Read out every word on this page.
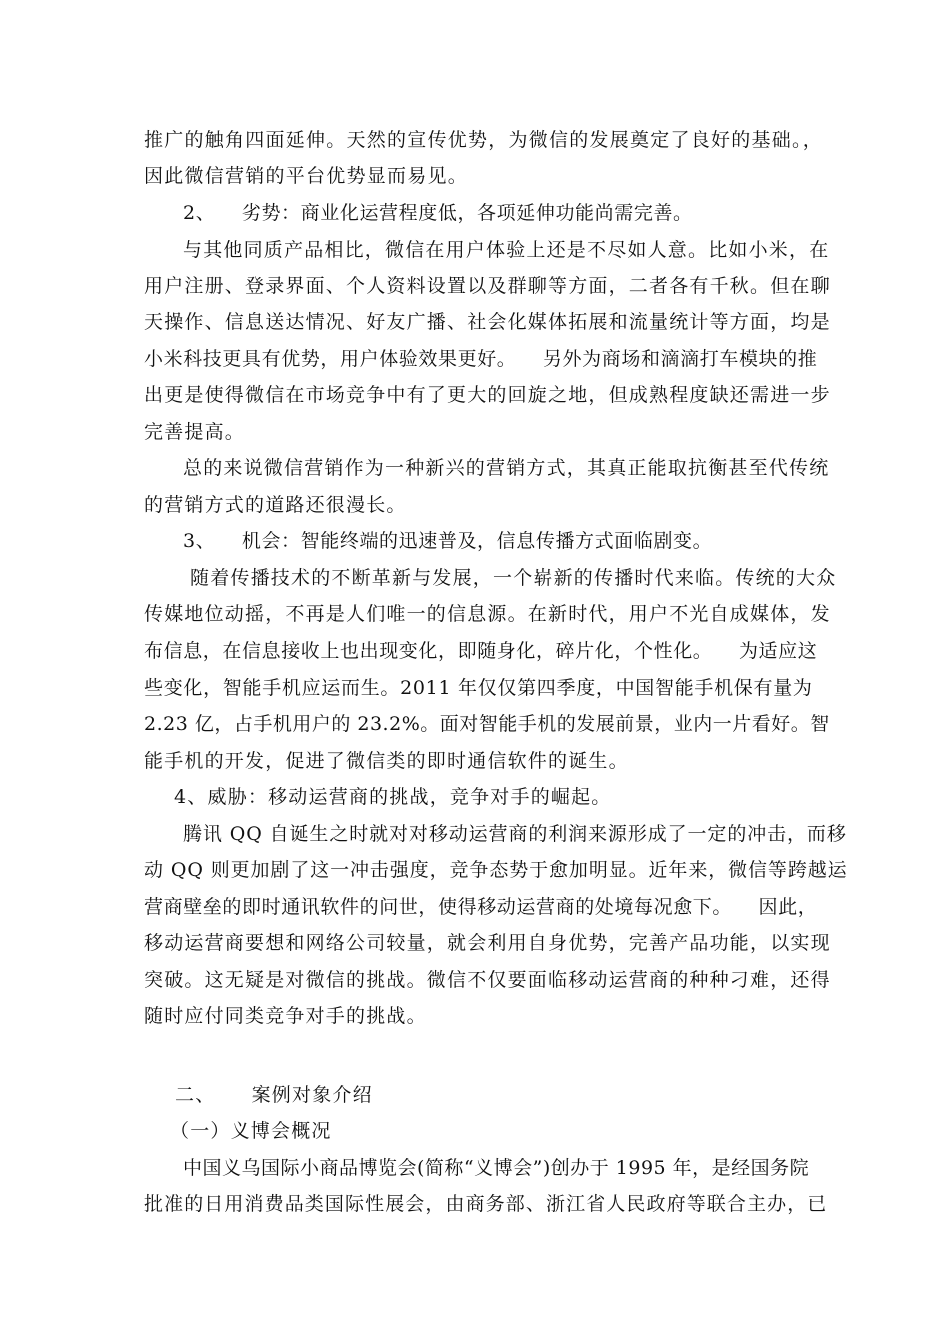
推广的触角四面延伸。天然的宣传优势，为微信的发展奠定了良好的基础。，
因此微信营销的平台优势显而易见。
2、    劣势：商业化运营程度低，各项延伸功能尚需完善。
与其他同质产品相比，微信在用户体验上还是不尽如人意。比如小米，在
用户注册、登录界面、个人资料设置以及群聊等方面，二者各有千秋。但在聊
天操作、信息送达情况、好友广播、社会化媒体拓展和流量统计等方面，均是
小米科技更具有优势，用户体验效果更好。    另外为商场和滴滴打车模块的推
出更是使得微信在市场竞争中有了更大的回旋之地，但成熟程度缺还需进一步
完善提高。
总的来说微信营销作为一种新兴的营销方式，其真正能取抗衡甚至代传统
的营销方式的道路还很漫长。
3、    机会：智能终端的迅速普及，信息传播方式面临剧变。
随着传播技术的不断革新与发展，一个崭新的传播时代来临。传统的大众
传媒地位动摇，不再是人们唯一的信息源。在新时代，用户不光自成媒体，发
布信息，在信息接收上也出现变化，即随身化，碎片化，个性化。    为适应这
些变化，智能手机应运而生。2011 年仅仅第四季度，中国智能手机保有量为
2.23 亿，占手机用户的 23.2%。面对智能手机的发展前景，业内一片看好。智
能手机的开发，促进了微信类的即时通信软件的诞生。
4、威胁：移动运营商的挑战，竞争对手的崛起。
腾讯 QQ 自诞生之时就对对移动运营商的利润来源形成了一定的冲击，而移
动 QQ 则更加剧了这一冲击强度，竞争态势于愈加明显。近年来，微信等跨越运
营商壁垒的即时通讯软件的问世，使得移动运营商的处境每况愈下。    因此，
移动运营商要想和网络公司较量，就会利用自身优势，完善产品功能，以实现
突破。这无疑是对微信的挑战。微信不仅要面临移动运营商的种种刁难，还得
随时应付同类竞争对手的挑战。
二、     案例对象介绍
（一）义博会概况
中国义乌国际小商品博览会(简称“义博会”)创办于 1995 年，是经国务院
批准的日用消费品类国际性展会，由商务部、浙江省人民政府等联合主办，已
